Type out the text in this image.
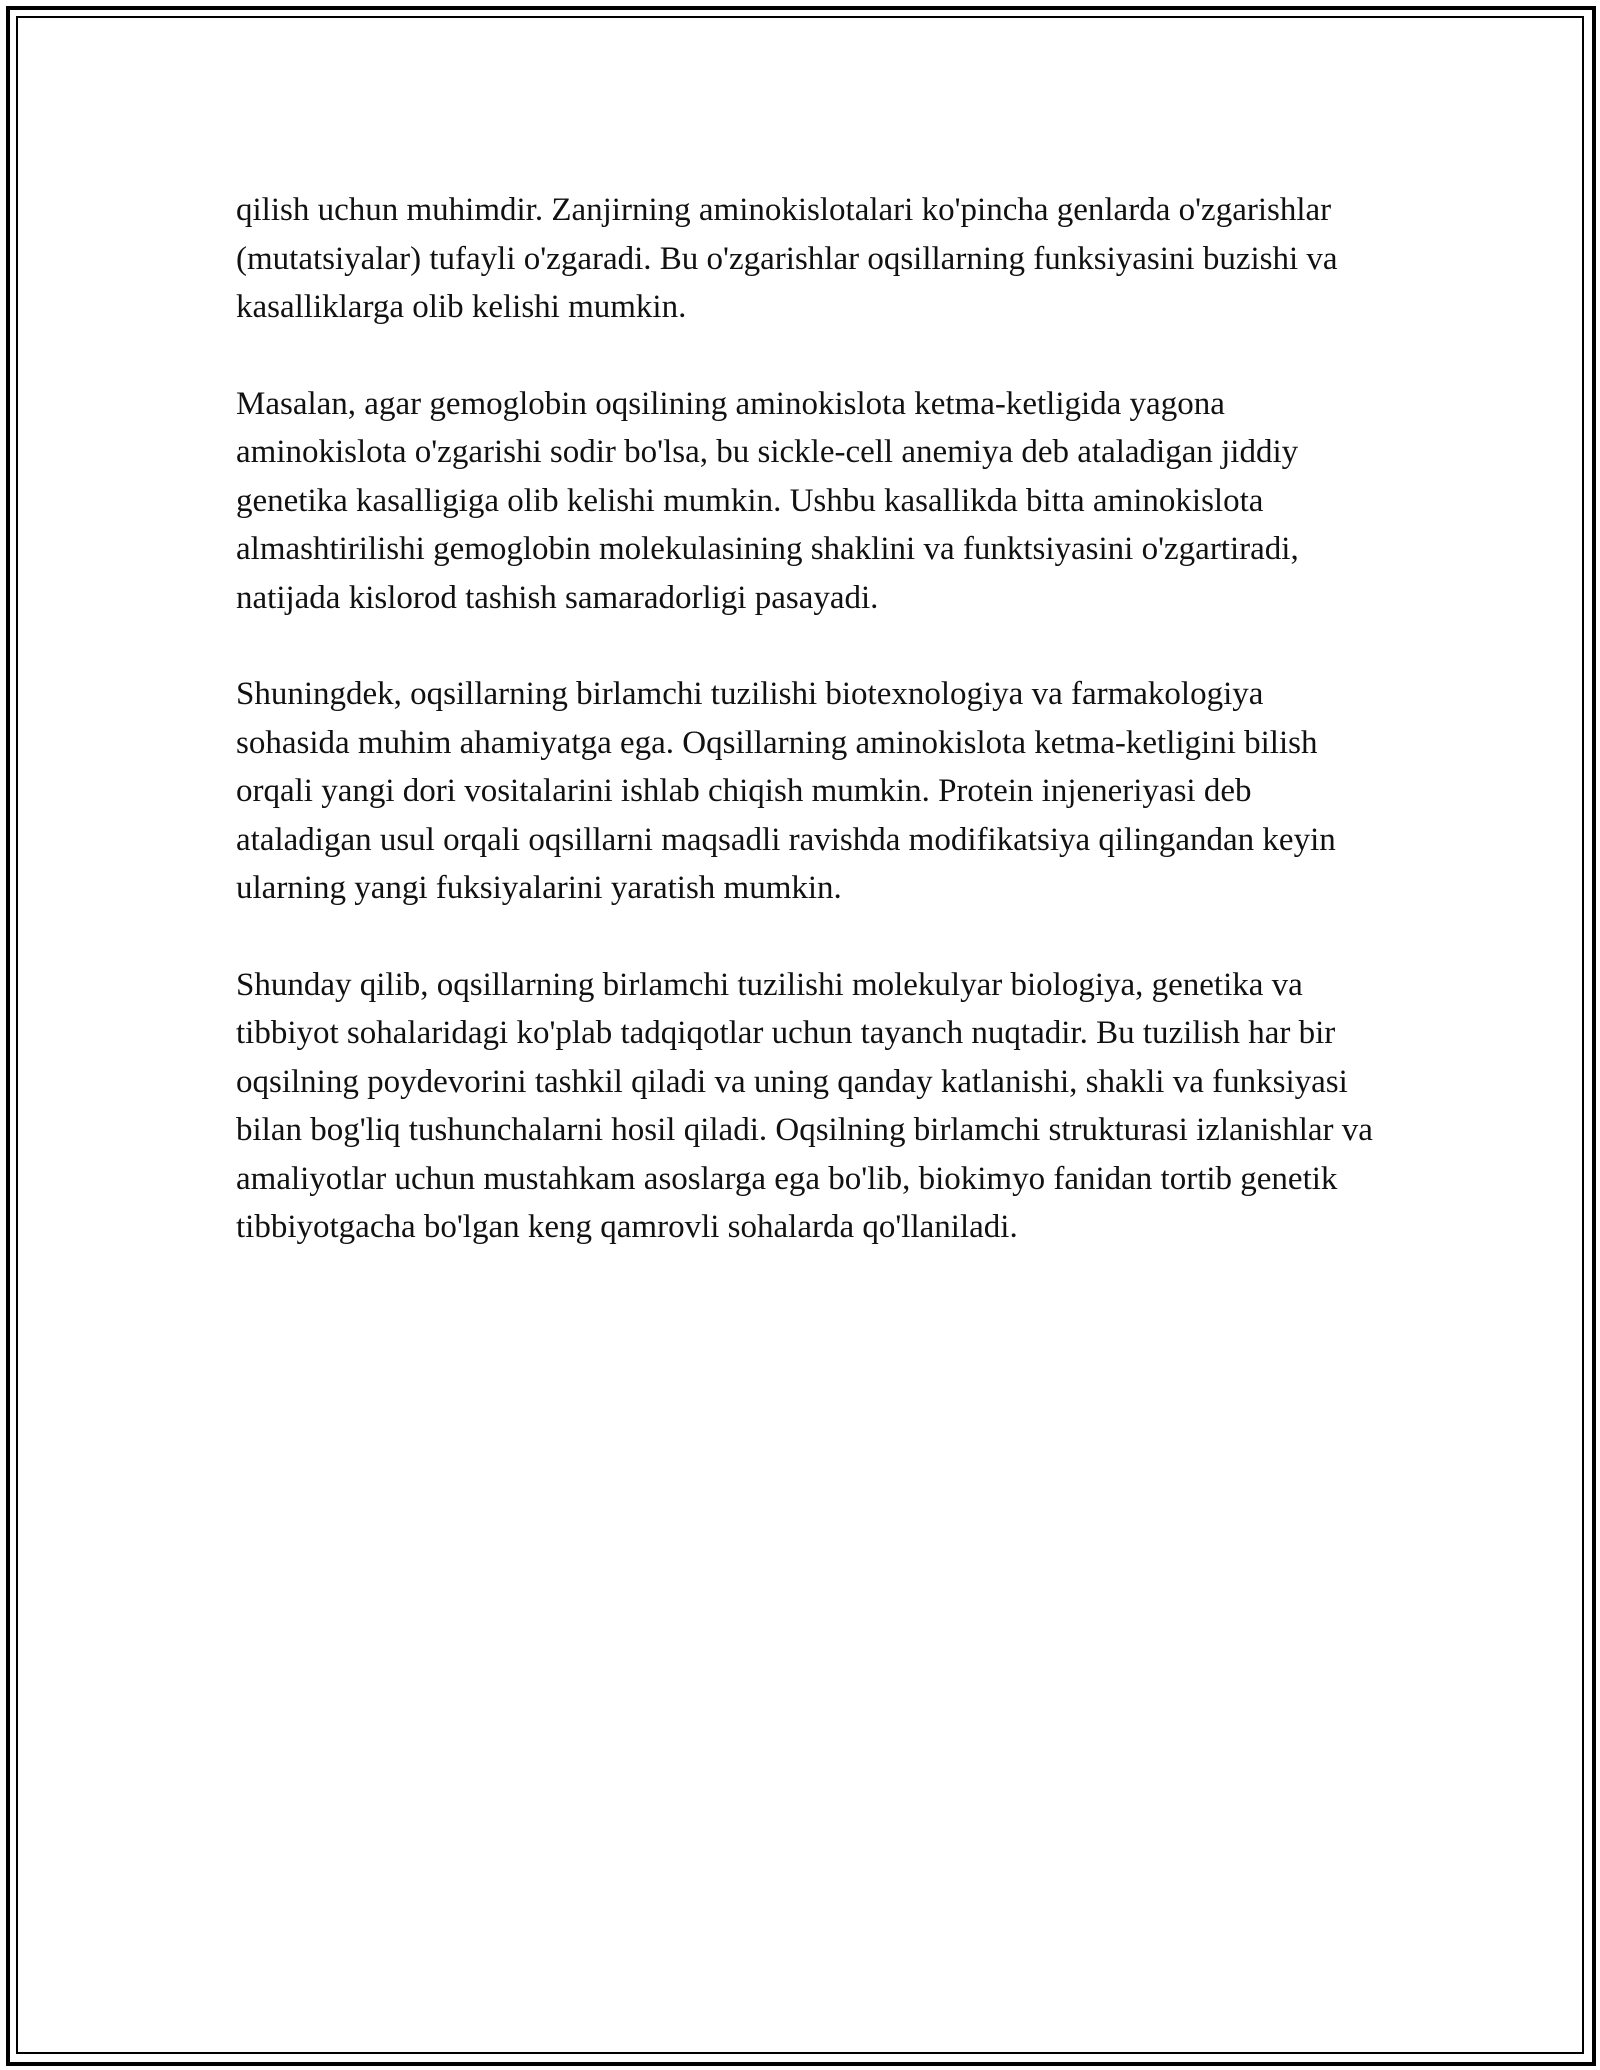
qilish uchun muhimdir. Zanjirning aminokislotalari ko'pincha genlarda o'zgarishlar (mutatsiyalar) tufayli o'zgaradi. Bu o'zgarishlar oqsillarning funksiyasini buzishi va kasalliklarga olib kelishi mumkin.

Masalan, agar gemoglobin oqsilining aminokislota ketma-ketligida yagona aminokislota o'zgarishi sodir bo'lsa, bu sickle-cell anemiya deb ataladigan jiddiy genetika kasalligiga olib kelishi mumkin. Ushbu kasallikda bitta aminokislota almashtirilishi gemoglobin molekulasining shaklini va funktsiyasini o'zgartiradi, natijada kislorod tashish samaradorligi pasayadi.

Shuningdek, oqsillarning birlamchi tuzilishi biotexnologiya va farmakologiya sohasida muhim ahamiyatga ega. Oqsillarning aminokislota ketma-ketligini bilish orqali yangi dori vositalarini ishlab chiqish mumkin. Protein injeneriyasi deb ataladigan usul orqali oqsillarni maqsadli ravishda modifikatsiya qilingandan keyin ularning yangi fuksiyalarini yaratish mumkin.

Shunday qilib, oqsillarning birlamchi tuzilishi molekulyar biologiya, genetika va tibbiyot sohalaridagi ko'plab tadqiqotlar uchun tayanch nuqtadir. Bu tuzilish har bir oqsilning poydevorini tashkil qiladi va uning qanday katlanishi, shakli va funksiyasi bilan bog'liq tushunchalarni hosil qiladi. Oqsilning birlamchi strukturasi izlanishlar va amaliyotlar uchun mustahkam asoslarga ega bo'lib, biokimyo fanidan tortib genetik tibbiyotgacha bo'lgan keng qamrovli sohalarda qo'llaniladi.
